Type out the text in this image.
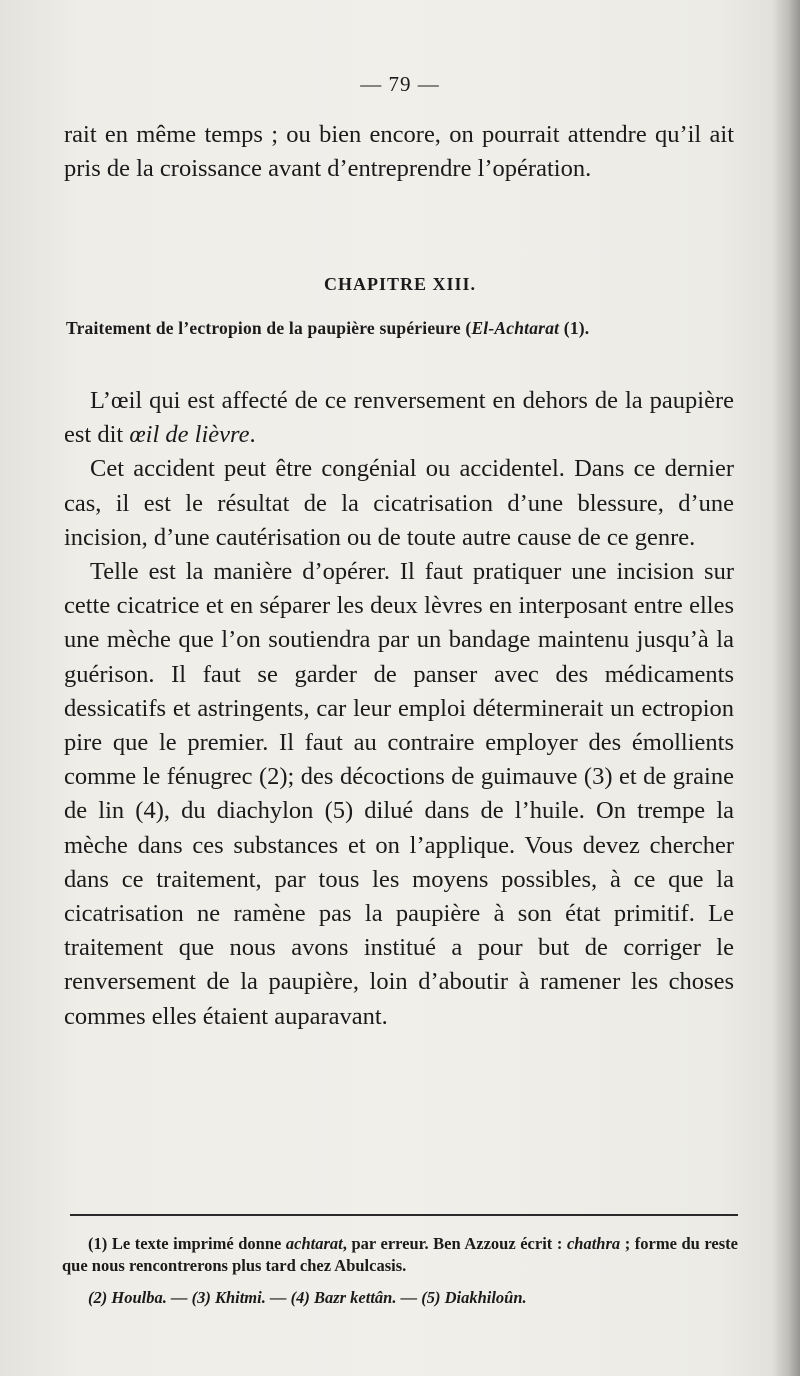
— 79 —

rait en même temps ; ou bien encore, on pourrait attendre qu’il ait pris de la croissance avant d’entreprendre l’opération.

CHAPITRE XIII.
Traitement de l’ectropion de la paupière supérieure (El-Achtarat (1).

L’œil qui est affecté de ce renversement en dehors de la paupière est dit œil de lièvre.

Cet accident peut être congénial ou accidentel. Dans ce dernier cas, il est le résultat de la cicatrisation d’une blessure, d’une incision, d’une cautérisation ou de toute autre cause de ce genre.

Telle est la manière d’opérer. Il faut pratiquer une incision sur cette cicatrice et en séparer les deux lèvres en interposant entre elles une mèche que l’on soutiendra par un bandage maintenu jusqu’à la guérison. Il faut se garder de panser avec des médicaments dessicatifs et astringents, car leur emploi déterminerait un ectropion pire que le premier. Il faut au contraire employer des émollients comme le fénugrec (2); des décoctions de guimauve (3) et de graine de lin (4), du diachylon (5) dilué dans de l’huile. On trempe la mèche dans ces substances et on l’applique. Vous devez chercher dans ce traitement, par tous les moyens possibles, à ce que la cicatrisation ne ramène pas la paupière à son état primitif. Le traitement que nous avons institué a pour but de corriger le renversement de la paupière, loin d’aboutir à ramener les choses commes elles étaient auparavant.

(1) Le texte imprimé donne achtarat, par erreur. Ben Azzouz écrit : chathra ; forme du reste que nous rencontrerons plus tard chez Abulcasis.

(2) Houlba. — (3) Khitmi. — (4) Bazr kettân. — (5) Diakhiloûn.
